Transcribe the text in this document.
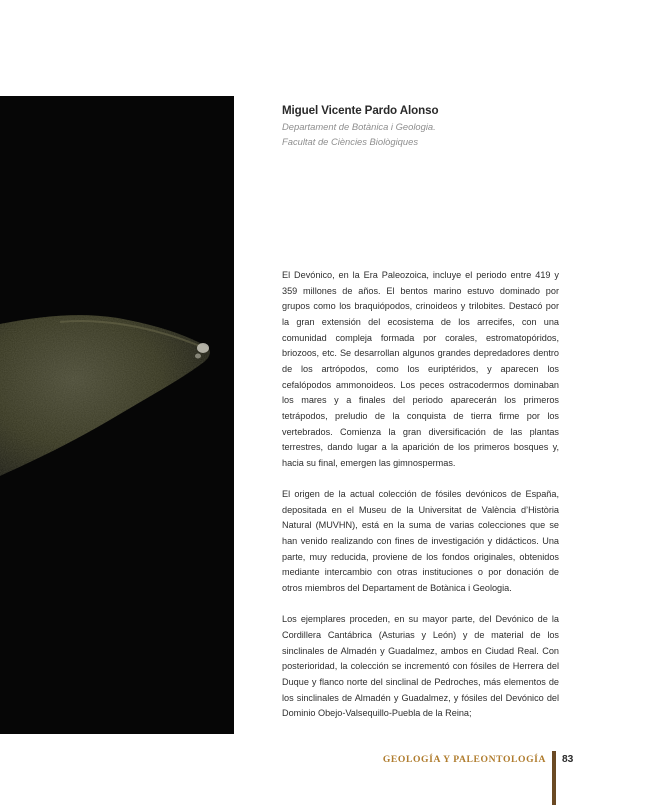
Miguel Vicente Pardo Alonso
Departament de Botànica i Geologia.
Facultat de Ciències Biològiques

El Devónico, en la Era Paleozoica, incluye el periodo entre 419 y 359 millones de años. El bentos marino estuvo dominado por grupos como los braquiópodos, crinoideos y trilobites. Destacó por la gran extensión del ecosistema de los arrecifes, con una comunidad compleja formada por corales, estromatopóridos, briozoos, etc. Se desarrollan algunos grandes depredadores dentro de los artrópodos, como los euriptéridos, y aparecen los cefalópodos ammonoideos. Los peces ostracodermos dominaban los mares y a finales del periodo aparecerán los primeros tetrápodos, preludio de la conquista de tierra firme por los vertebrados. Comienza la gran diversificación de las plantas terrestres, dando lugar a la aparición de los primeros bosques y, hacia su final, emergen las gimnospermas.

El origen de la actual colección de fósiles devónicos de España, depositada en el Museu de la Universitat de València d’Història Natural (MUVHN), está en la suma de varias colecciones que se han venido realizando con fines de investigación y didácticos. Una parte, muy reducida, proviene de los fondos originales, obtenidos mediante intercambio con otras instituciones o por donación de otros miembros del Departament de Botànica i Geologia.

Los ejemplares proceden, en su mayor parte, del Devónico de la Cordillera Cantábrica (Asturias y León) y de material de los sinclinales de Almadén y Guadalmez, ambos en Ciudad Real. Con posterioridad, la colección se incrementó con fósiles de Herrera del Duque y flanco norte del sinclinal de Pedroches, más elementos de los sinclinales de Almadén y Guadalmez, y fósiles del Devónico del Dominio Obejo-Valsequillo-Puebla de la Reina;

GEOLOGÍA Y PALEONTOLOGÍA 83
